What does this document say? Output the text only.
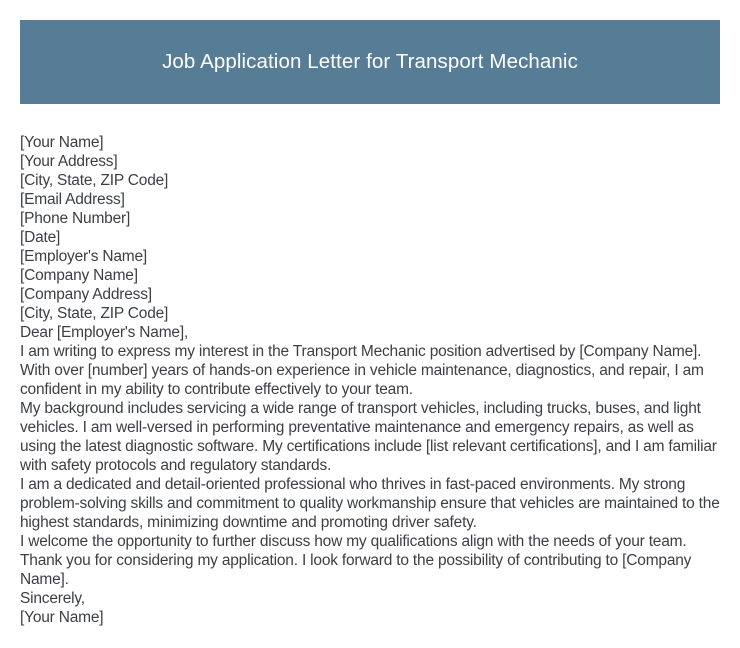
Job Application Letter for Transport Mechanic
[Your Name]
[Your Address]
[City, State, ZIP Code]
[Email Address]
[Phone Number]
[Date]
[Employer's Name]
[Company Name]
[Company Address]
[City, State, ZIP Code]
Dear [Employer's Name],

I am writing to express my interest in the Transport Mechanic position advertised by [Company Name]. With over [number] years of hands-on experience in vehicle maintenance, diagnostics, and repair, I am confident in my ability to contribute effectively to your team.

My background includes servicing a wide range of transport vehicles, including trucks, buses, and light vehicles. I am well-versed in performing preventative maintenance and emergency repairs, as well as using the latest diagnostic software. My certifications include [list relevant certifications], and I am familiar with safety protocols and regulatory standards.

I am a dedicated and detail-oriented professional who thrives in fast-paced environments. My strong problem-solving skills and commitment to quality workmanship ensure that vehicles are maintained to the highest standards, minimizing downtime and promoting driver safety.

I welcome the opportunity to further discuss how my qualifications align with the needs of your team. Thank you for considering my application. I look forward to the possibility of contributing to [Company Name].

Sincerely,
[Your Name]
